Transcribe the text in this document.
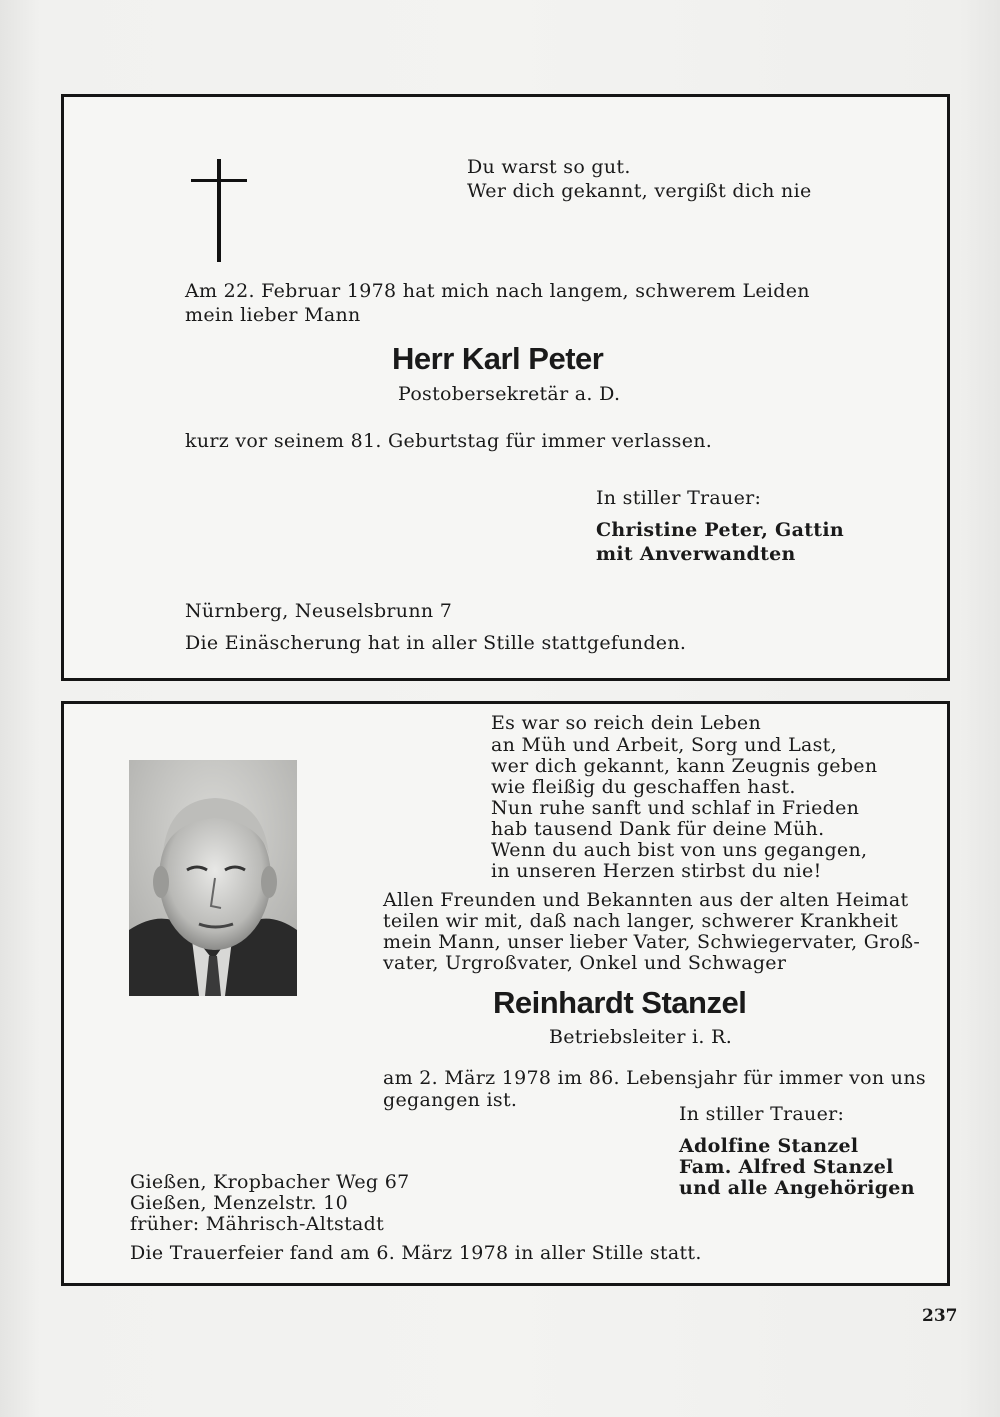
Du warst so gut.
Wer dich gekannt, vergißt dich nie
Am 22. Februar 1978 hat mich nach langem, schwerem Leiden
mein lieber Mann
Herr Karl Peter
Postobersekretär a. D.
kurz vor seinem 81. Geburtstag für immer verlassen.
In stiller Trauer:
Christine Peter, Gattin
mit Anverwandten
Nürnberg, Neuselsbrunn 7
Die Einäscherung hat in aller Stille stattgefunden.
Es war so reich dein Leben
an Müh und Arbeit, Sorg und Last,
wer dich gekannt, kann Zeugnis geben
wie fleißig du geschaffen hast.
Nun ruhe sanft und schlaf in Frieden
hab tausend Dank für deine Müh.
Wenn du auch bist von uns gegangen,
in unseren Herzen stirbst du nie!
Allen Freunden und Bekannten aus der alten Heimat
teilen wir mit, daß nach langer, schwerer Krankheit
mein Mann, unser lieber Vater, Schwiegervater, Groß-
vater, Urgroßvater, Onkel und Schwager
Reinhardt Stanzel
Betriebsleiter i. R.
am 2. März 1978 im 86. Lebensjahr für immer von uns
gegangen ist.
In stiller Trauer:
Adolfine Stanzel
Fam. Alfred Stanzel
und alle Angehörigen
Gießen, Kropbacher Weg 67
Gießen, Menzelstr. 10
früher: Mährisch-Altstadt
Die Trauerfeier fand am 6. März 1978 in aller Stille statt.
237
